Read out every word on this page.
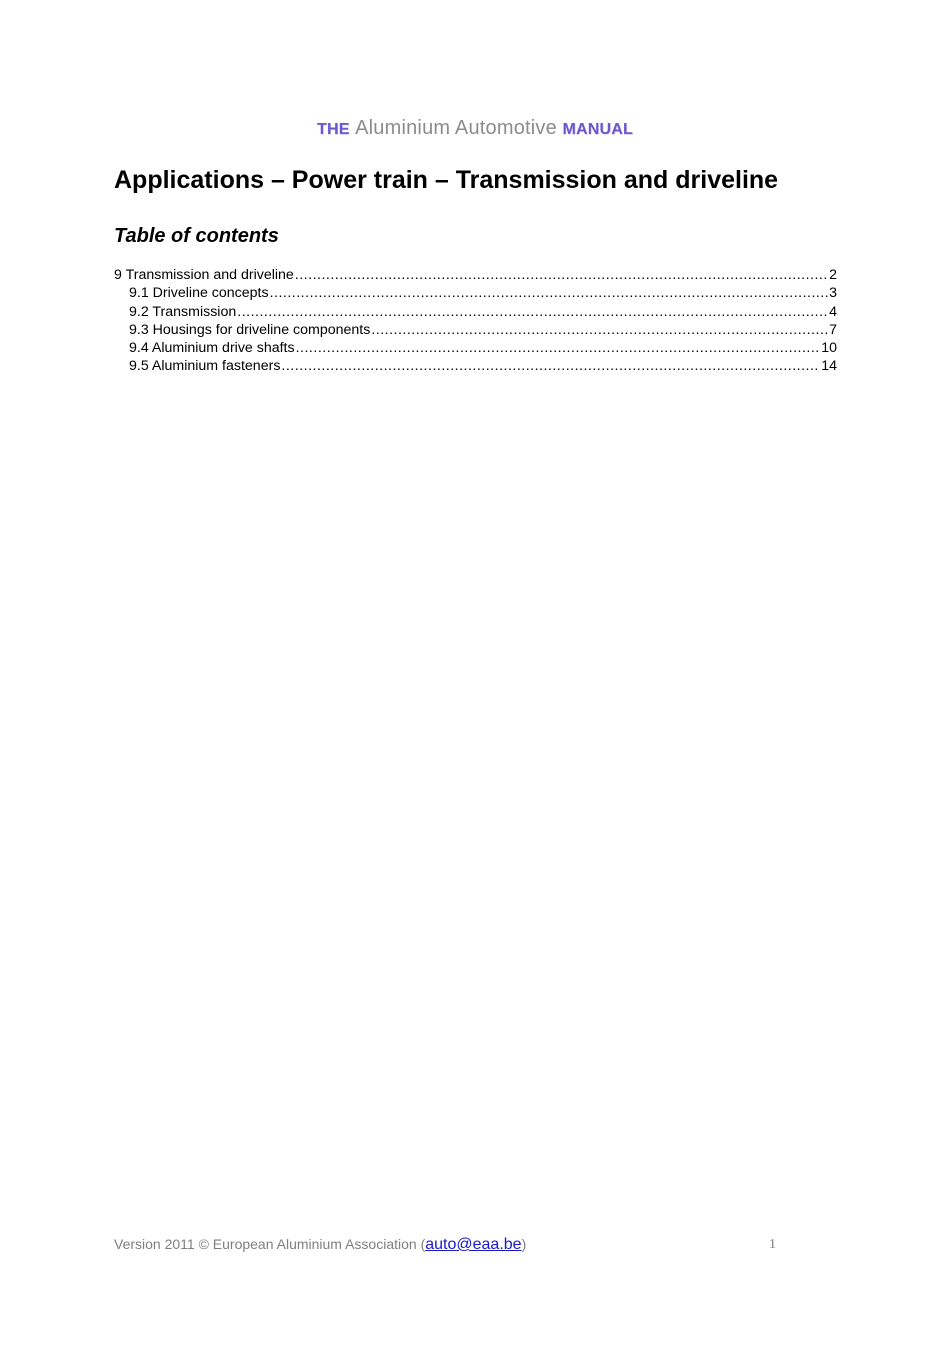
THE Aluminium Automotive MANUAL
Applications – Power train – Transmission and driveline
Table of contents
9 Transmission and driveline .....	2
9.1 Driveline concepts .....	3
9.2 Transmission .....	4
9.3 Housings for driveline components .....	7
9.4 Aluminium drive shafts .....	10
9.5 Aluminium fasteners .....	14
Version 2011 © European Aluminium Association (auto@eaa.be)	1
